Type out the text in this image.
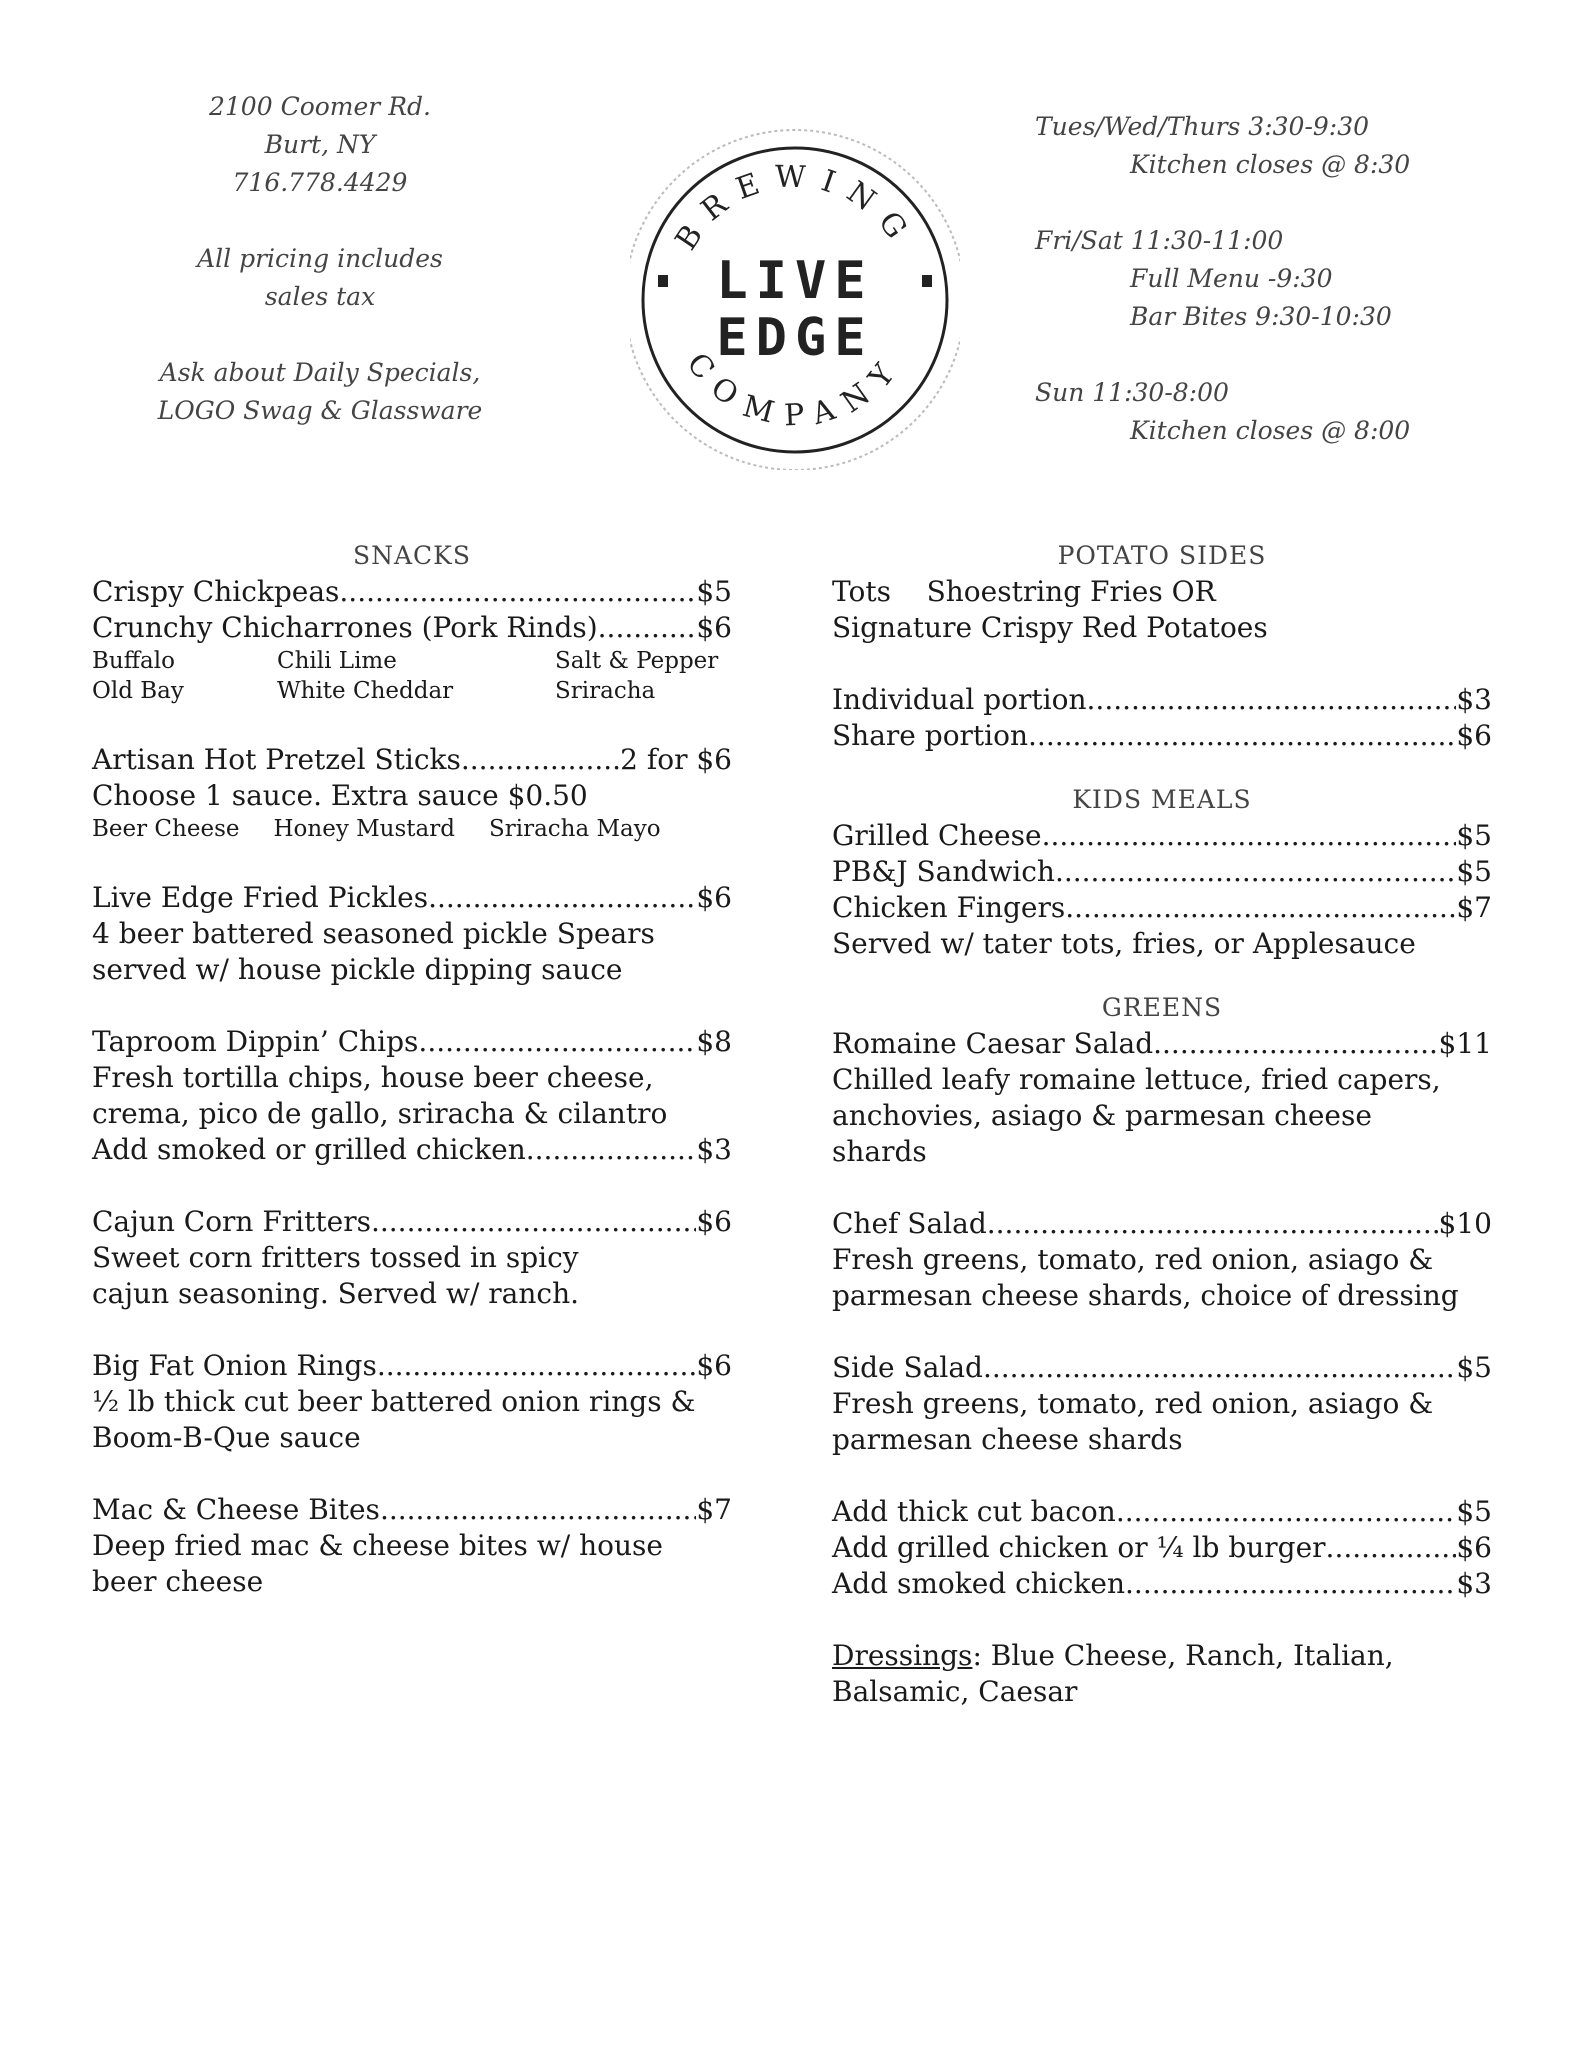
2100 Coomer Rd.
Burt, NY
716.778.4429
All pricing includes
sales tax
Ask about Daily Specials,
LOGO Swag & Glassware
BREWING
COMPANY
LIVE
EDGE
Tues/Wed/Thurs 3:30-9:30
Kitchen closes @ 8:30
Fri/Sat 11:30-11:00
Full Menu -9:30
Bar Bites 9:30-10:30
Sun 11:30-8:00
Kitchen closes @ 8:00
SNACKS
Crispy Chickpeas .....	$5
Crunchy Chicharrones (Pork Rinds) .....	$6
Buffalo	Chili Lime	Salt & Pepper
Old Bay	White Cheddar	Sriracha
Artisan Hot Pretzel Sticks .....	2 for $6
Choose 1 sauce. Extra sauce $0.50
Beer Cheese Honey Mustard Sriracha Mayo
Live Edge Fried Pickles .....	$6
4 beer battered seasoned pickle Spears
served w/ house pickle dipping sauce
Taproom Dippin’ Chips .....	$8
Fresh tortilla chips, house beer cheese,
crema, pico de gallo, sriracha & cilantro
Add smoked or grilled chicken .....	$3
Cajun Corn Fritters .....	$6
Sweet corn fritters tossed in spicy
cajun seasoning. Served w/ ranch.
Big Fat Onion Rings .....	$6
½ lb thick cut beer battered onion rings &
Boom-B-Que sauce
Mac & Cheese Bites .....	$7
Deep fried mac & cheese bites w/ house
beer cheese
POTATO SIDES
Tots    Shoestring Fries OR
Signature Crispy Red Potatoes
Individual portion .....	$3
Share portion .....	$6
KIDS MEALS
Grilled Cheese .....	$5
PB&J Sandwich .....	$5
Chicken Fingers .....	$7
Served w/ tater tots, fries, or Applesauce
GREENS
Romaine Caesar Salad .....	$11
Chilled leafy romaine lettuce, fried capers,
anchovies, asiago & parmesan cheese
shards
Chef Salad .....	$10
Fresh greens, tomato, red onion, asiago &
parmesan cheese shards, choice of dressing
Side Salad .....	$5
Fresh greens, tomato, red onion, asiago &
parmesan cheese shards
Add thick cut bacon .....	$5
Add grilled chicken or ¼ lb burger .....	$6
Add smoked chicken .....	$3
Dressings: Blue Cheese, Ranch, Italian,
Balsamic, Caesar
